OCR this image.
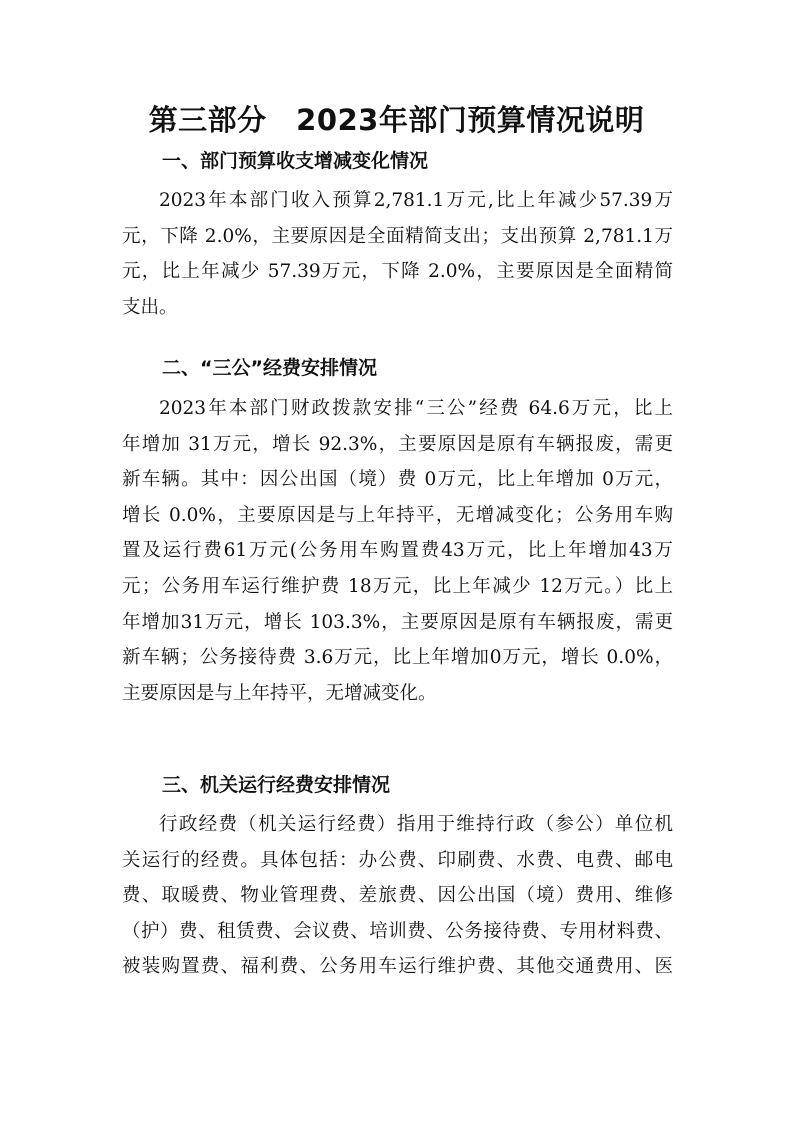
第三部分　2023年部门预算情况说明
一、部门预算收支增减变化情况
2023年本部门收入预算2,781.1万元,比上年减少57.39万
元，下降 2.0%，主要原因是全面精简支出；支出预算 2,781.1万
元，比上年减少 57.39万元，下降 2.0%，主要原因是全面精简
支出。
二、“三公”经费安排情况
2023年本部门财政拨款安排“三公”经费 64.6万元，比上
年增加 31万元，增长 92.3%，主要原因是原有车辆报废，需更
新车辆。其中：因公出国（境）费 0万元，比上年增加 0万元，
增长 0.0%，主要原因是与上年持平，无增减变化；公务用车购
置及运行费61万元(公务用车购置费43万元，比上年增加43万
元；公务用车运行维护费 18万元，比上年减少 12万元。）比上
年增加31万元，增长 103.3%，主要原因是原有车辆报废，需更
新车辆；公务接待费 3.6万元，比上年增加0万元，增长 0.0%，
主要原因是与上年持平，无增减变化。
三、机关运行经费安排情况
行政经费（机关运行经费）指用于维持行政（参公）单位机
关运行的经费。具体包括：办公费、印刷费、水费、电费、邮电
费、取暖费、物业管理费、差旅费、因公出国（境）费用、维修
（护）费、租赁费、会议费、培训费、公务接待费、专用材料费、
被装购置费、福利费、公务用车运行维护费、其他交通费用、医
